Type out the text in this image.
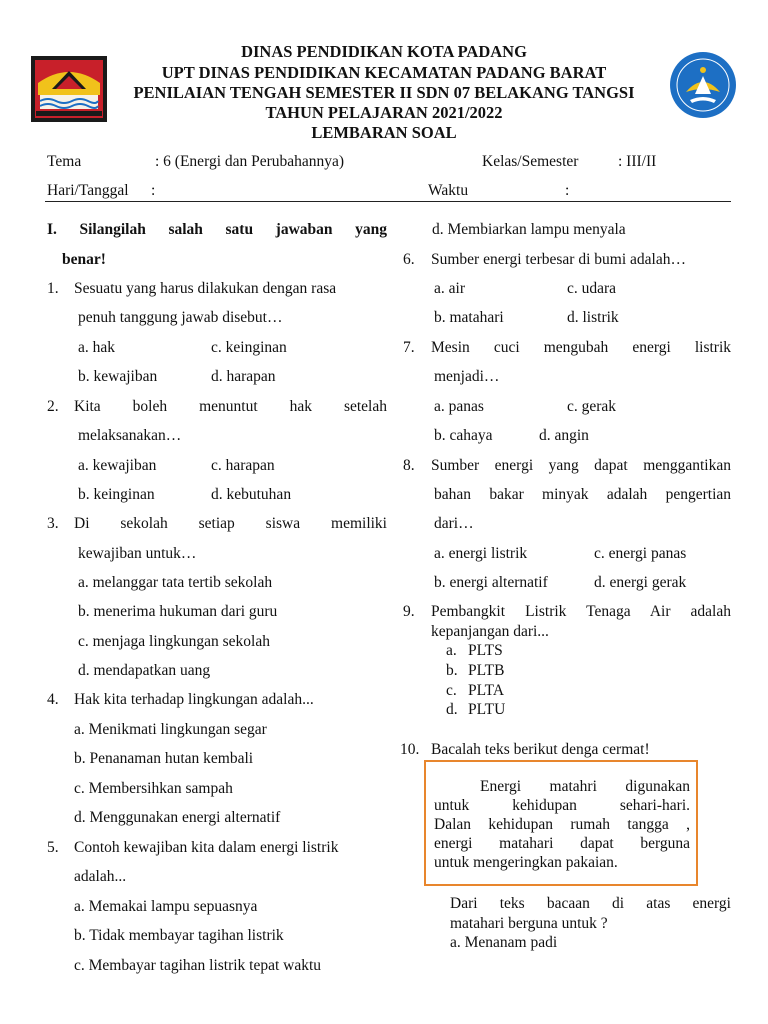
DINAS PENDIDIKAN KOTA PADANG
UPT DINAS PENDIDIKAN KECAMATAN PADANG BARAT
PENILAIAN TENGAH SEMESTER II SDN 07 BELAKANG TANGSI
TAHUN PELAJARAN 2021/2022
LEMBARAN SOAL
Tema	: 6 (Energi dan Perubahannya)	Kelas/Semester	: III/II
Hari/Tanggal :	Waktu	:
I. Silangilah salah satu jawaban yang
benar!
1. Sesuatu yang harus dilakukan dengan rasa
penuh tanggung jawab disebut…
a. hak	c. keinginan
b. kewajiban	d. harapan
2. Kita boleh menuntut hak setelah
melaksanakan…
a. kewajiban	c. harapan
b. keinginan	d. kebutuhan
3. Di sekolah setiap siswa memiliki
kewajiban untuk…
a. melanggar tata tertib sekolah
b. menerima hukuman dari guru
c. menjaga lingkungan sekolah
d. mendapatkan uang
4. Hak kita terhadap lingkungan adalah...
a. Menikmati lingkungan segar
b. Penanaman hutan kembali
c. Membersihkan sampah
d. Menggunakan energi alternatif
5. Contoh kewajiban kita dalam energi listrik
adalah...
a. Memakai lampu sepuasnya
b. Tidak membayar tagihan listrik
c. Membayar tagihan listrik tepat waktu
d. Membiarkan lampu menyala
6. Sumber energi terbesar di bumi adalah…
a. air	c. udara
b. matahari	d. listrik
7. Mesin cuci mengubah energi listrik
menjadi…
a. panas	c. gerak
b. cahaya	d. angin
8. Sumber energi yang dapat menggantikan
bahan bakar minyak adalah pengertian
dari…
a. energi listrik	c. energi panas
b. energi alternatif	d. energi gerak
9. Pembangkit Listrik Tenaga Air adalah
kepanjangan dari...
a. PLTS
b. PLTB
c. PLTA
d. PLTU
10. Bacalah teks berikut denga cermat!
Energi matahri digunakan
untuk kehidupan sehari-hari.
Dalan kehidupan rumah tangga ,
energi matahari dapat berguna
untuk mengeringkan pakaian.
Dari teks bacaan di atas energi
matahari berguna untuk ?
a. Menanam padi
